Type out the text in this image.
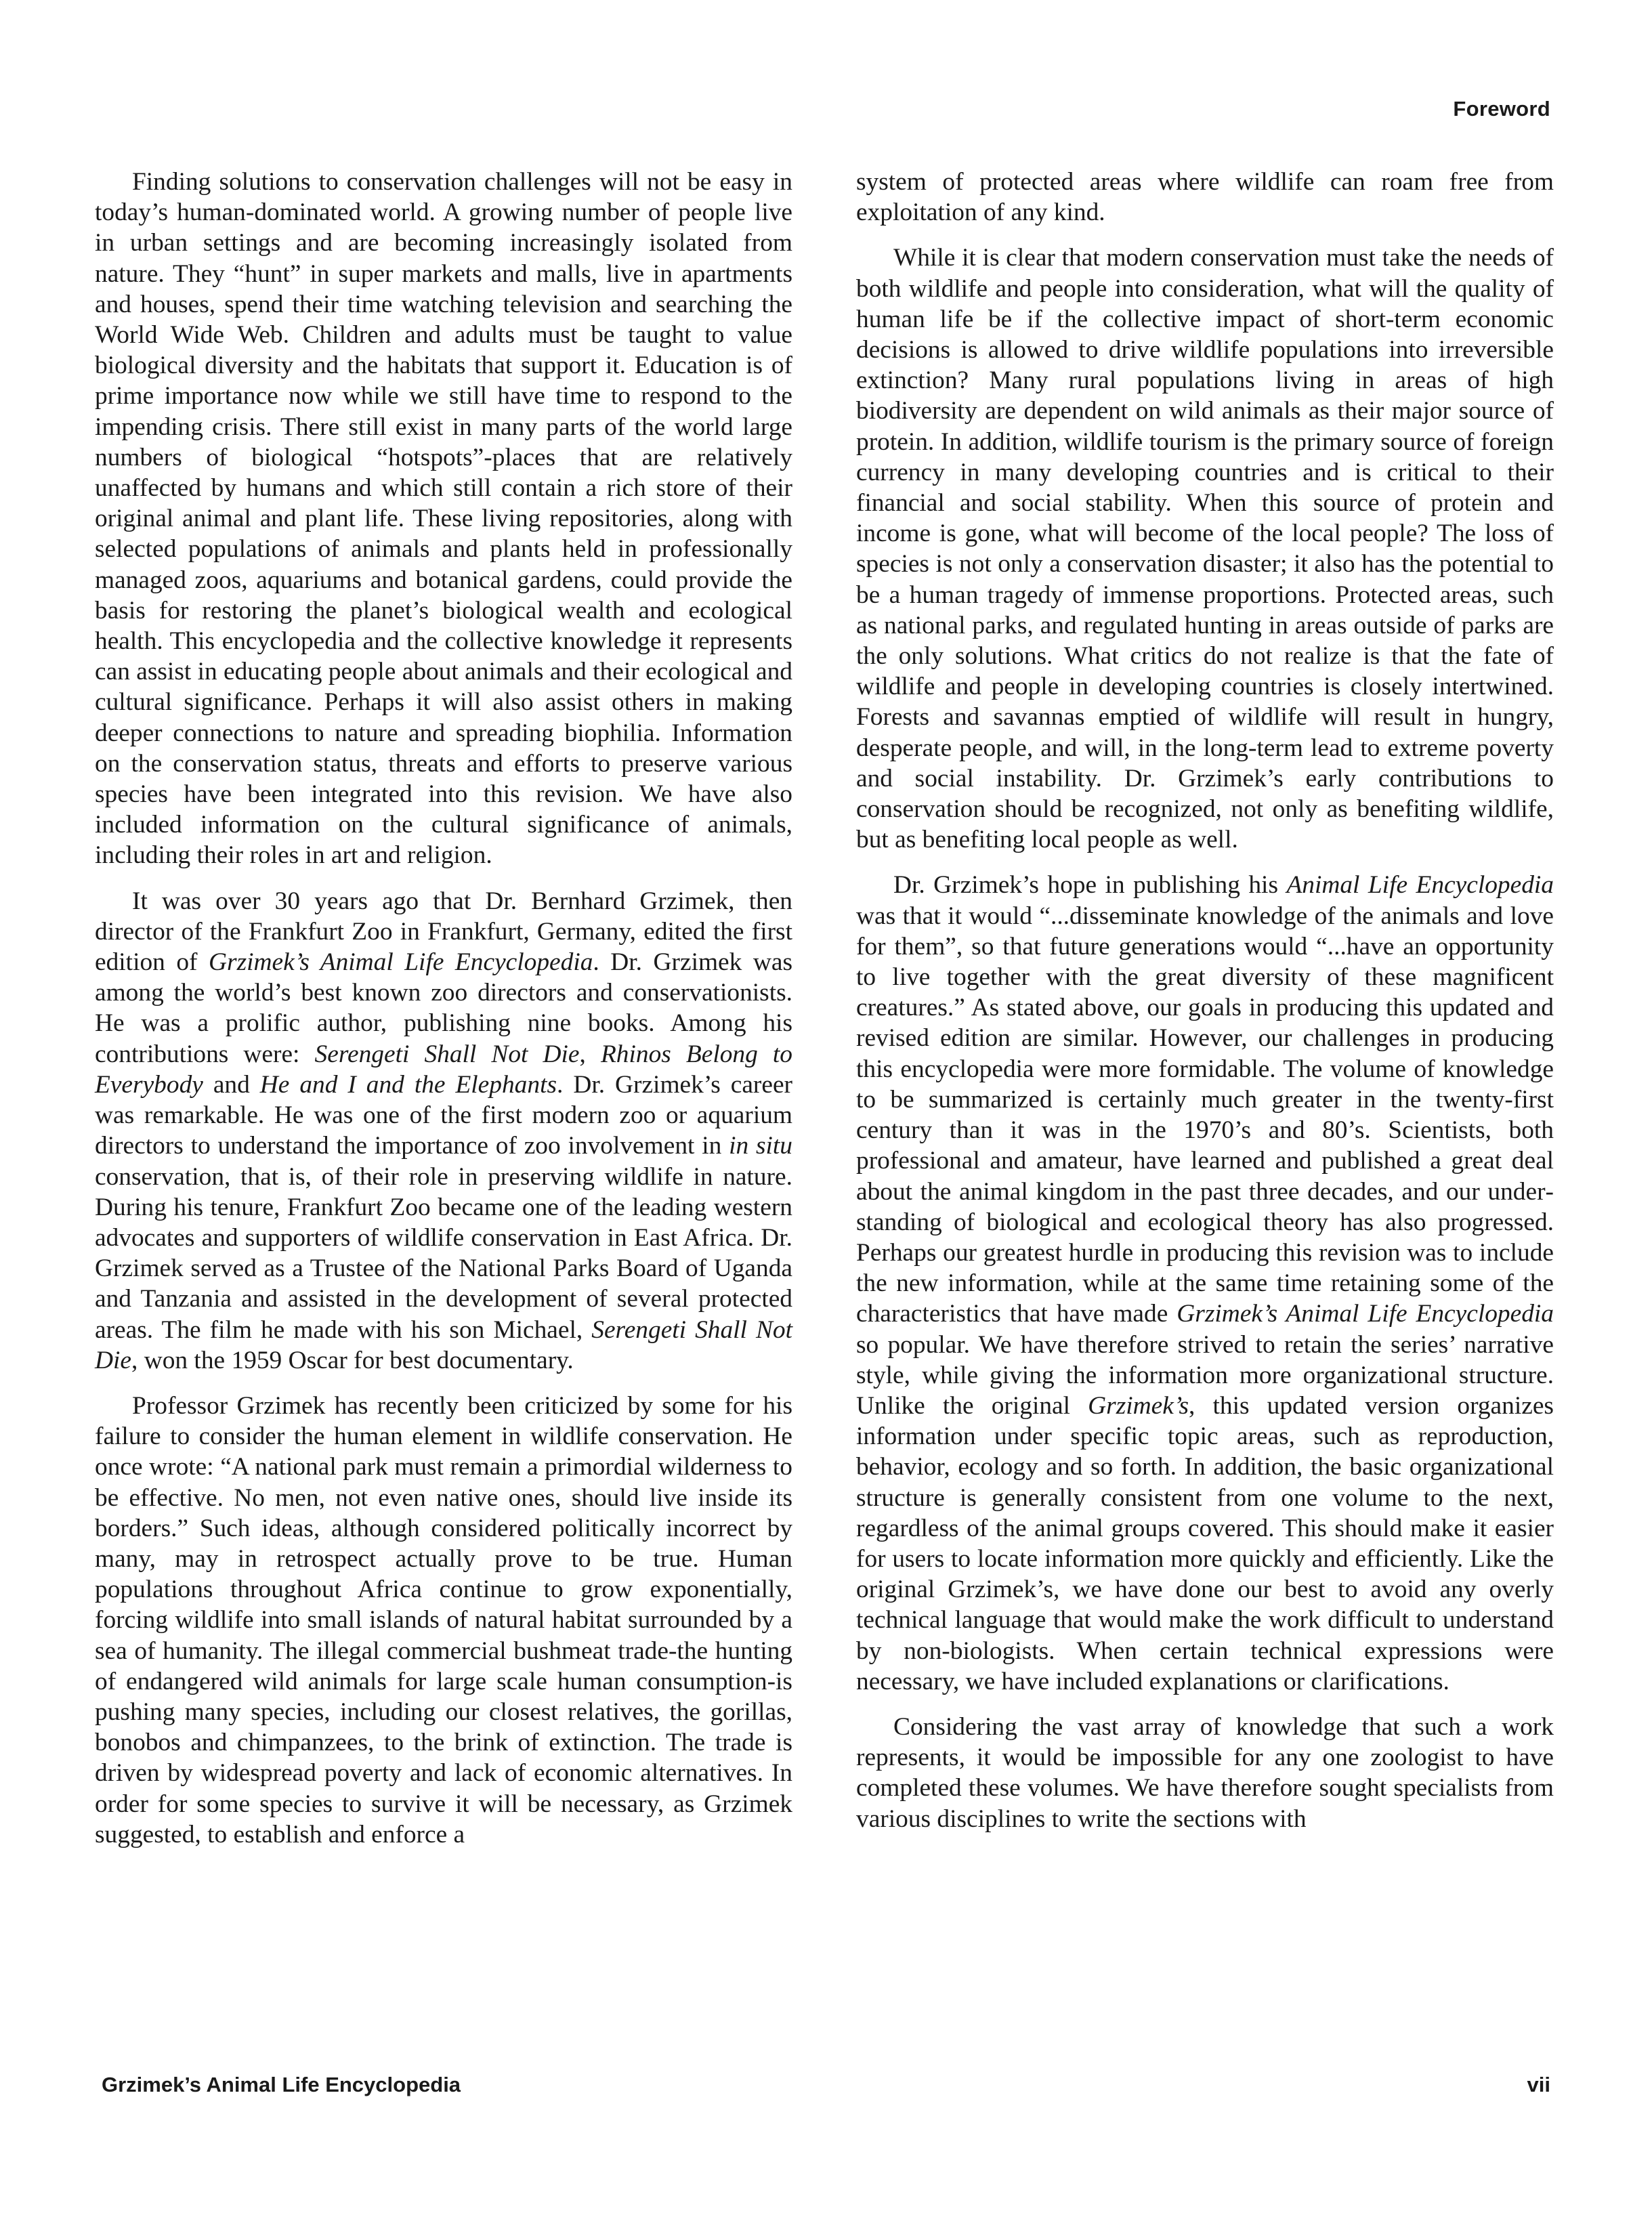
Foreword

Finding solutions to conservation challenges will not be easy in today’s human-dominated world. A growing number of people live in urban settings and are becoming increasingly isolated from nature. They “hunt” in super markets and malls, live in apartments and houses, spend their time watching television and searching the World Wide Web. Children and adults must be taught to value biological diversity and the habitats that support it. Education is of prime importance now while we still have time to respond to the impending crisis. There still exist in many parts of the world large numbers of biological “hotspots”-places that are relatively unaffected by humans and which still contain a rich store of their original animal and plant life. These living repositories, along with selected populations of animals and plants held in professionally managed zoos, aquariums and botanical gardens, could provide the basis for restoring the planet’s biological wealth and ecological health. This encyclopedia and the collective knowledge it represents can assist in educating people about animals and their ecological and cultural significance. Perhaps it will also assist others in making deeper connections to nature and spreading biophilia. Information on the conservation status, threats and efforts to preserve various species have been integrated into this revision. We have also included information on the cultural significance of animals, including their roles in art and religion.

It was over 30 years ago that Dr. Bernhard Grzimek, then director of the Frankfurt Zoo in Frankfurt, Germany, edited the first edition of Grzimek’s Animal Life Encyclopedia. Dr. Grzimek was among the world’s best known zoo directors and conservationists. He was a prolific author, publishing nine books. Among his contributions were: Serengeti Shall Not Die, Rhinos Belong to Everybody and He and I and the Elephants. Dr. Grzimek’s career was remarkable. He was one of the first modern zoo or aquarium directors to understand the importance of zoo involvement in in situ conservation, that is, of their role in preserving wildlife in nature. During his tenure, Frankfurt Zoo became one of the leading western advocates and supporters of wildlife conservation in East Africa. Dr. Grzimek served as a Trustee of the National Parks Board of Uganda and Tanzania and assisted in the development of several protected areas. The film he made with his son Michael, Serengeti Shall Not Die, won the 1959 Oscar for best documentary.

Professor Grzimek has recently been criticized by some for his failure to consider the human element in wildlife conservation. He once wrote: “A national park must remain a primordial wilderness to be effective. No men, not even native ones, should live inside its borders.” Such ideas, although considered politically incorrect by many, may in retrospect actually prove to be true. Human populations throughout Africa continue to grow exponentially, forcing wildlife into small islands of natural habitat surrounded by a sea of humanity. The illegal commercial bushmeat trade-the hunting of endangered wild animals for large scale human consumption-is pushing many species, including our closest relatives, the gorillas, bonobos and chimpanzees, to the brink of extinction. The trade is driven by widespread poverty and lack of economic alternatives. In order for some species to survive it will be necessary, as Grzimek suggested, to establish and enforce a

system of protected areas where wildlife can roam free from exploitation of any kind.

While it is clear that modern conservation must take the needs of both wildlife and people into consideration, what will the quality of human life be if the collective impact of short-term economic decisions is allowed to drive wildlife populations into irreversible extinction? Many rural populations living in areas of high biodiversity are dependent on wild animals as their major source of protein. In addition, wildlife tourism is the primary source of foreign currency in many developing countries and is critical to their financial and social stability. When this source of protein and income is gone, what will become of the local people? The loss of species is not only a conservation disaster; it also has the potential to be a human tragedy of immense proportions. Protected areas, such as national parks, and regulated hunting in areas outside of parks are the only solutions. What critics do not realize is that the fate of wildlife and people in developing countries is closely intertwined. Forests and savannas emptied of wildlife will result in hungry, desperate people, and will, in the long-term lead to extreme poverty and social instability. Dr. Grzimek’s early contributions to conservation should be recognized, not only as benefiting wildlife, but as benefiting local people as well.

Dr. Grzimek’s hope in publishing his Animal Life Encyclopedia was that it would “...disseminate knowledge of the animals and love for them”, so that future generations would “...have an opportunity to live together with the great diversity of these magnificent creatures.” As stated above, our goals in producing this updated and revised edition are similar. However, our challenges in producing this encyclopedia were more formidable. The volume of knowledge to be summarized is certainly much greater in the twenty-first century than it was in the 1970’s and 80’s. Scientists, both professional and amateur, have learned and published a great deal about the animal kingdom in the past three decades, and our understanding of biological and ecological theory has also progressed. Perhaps our greatest hurdle in producing this revision was to include the new information, while at the same time retaining some of the characteristics that have made Grzimek’s Animal Life Encyclopedia so popular. We have therefore strived to retain the series’ narrative style, while giving the information more organizational structure. Unlike the original Grzimek’s, this updated version organizes information under specific topic areas, such as reproduction, behavior, ecology and so forth. In addition, the basic organizational structure is generally consistent from one volume to the next, regardless of the animal groups covered. This should make it easier for users to locate information more quickly and efficiently. Like the original Grzimek’s, we have done our best to avoid any overly technical language that would make the work difficult to understand by non-biologists. When certain technical expressions were necessary, we have included explanations or clarifications.

Considering the vast array of knowledge that such a work represents, it would be impossible for any one zoologist to have completed these volumes. We have therefore sought specialists from various disciplines to write the sections with

Grzimek’s Animal Life Encyclopedia	vii
